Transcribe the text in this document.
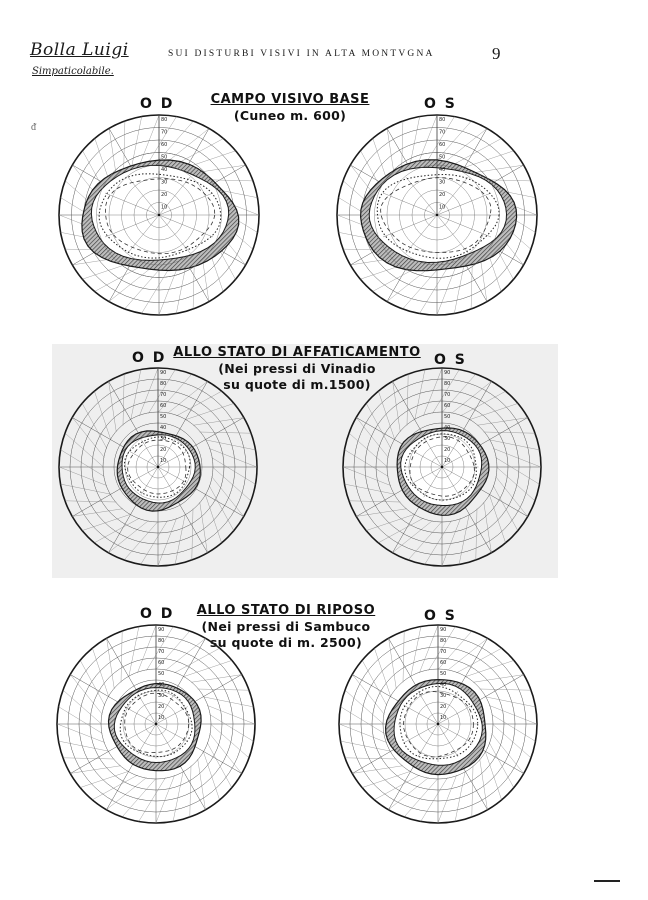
Bolla Luigi
Simpaticolabile.
SUI DISTURBI VISIVI IN ALTA MONTVGNA	9
ᵭ
O D	O S
CAMPO VISIVO BASE
(Cuneo m. 600)
80
70
60
50
40
30
20
10
80
70
60
50
40
30
20
10
O D	O S
ALLO STATO DI AFFATICAMENTO
(Nei pressi di Vinadio
su quote di m.1500)
90
80
70
60
50
40
30
20
10
90
80
70
60
50
40
30
20
10
O D	O S
ALLO STATO DI RIPOSO
(Nei pressi di Sambuco
su quote di m. 2500)
90
80
70
60
50
40
30
20
10
90
80
70
60
50
40
30
20
10
